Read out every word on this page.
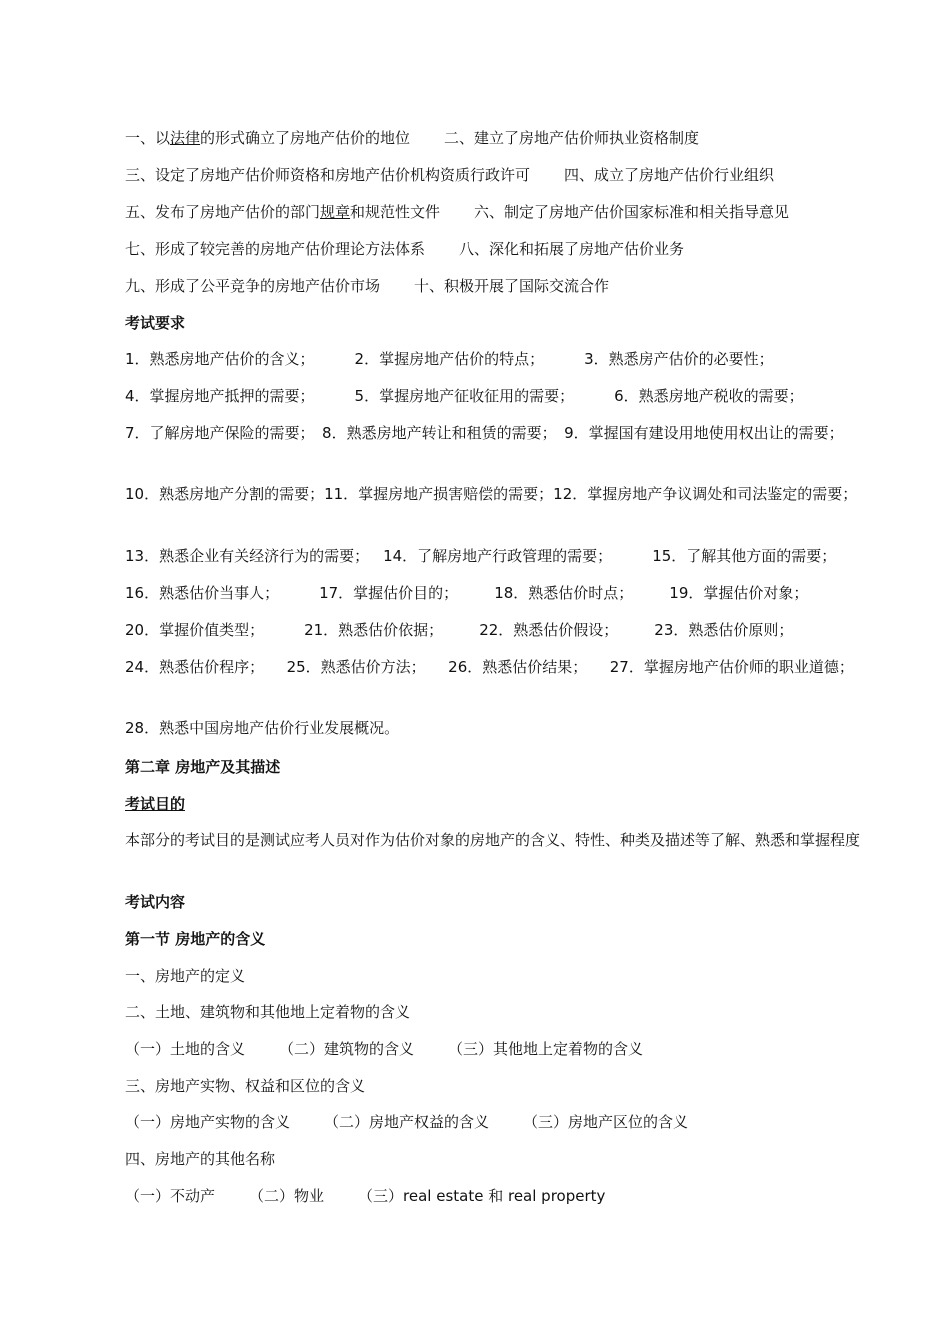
一、以法律的形式确立了房地产估价的地位 二、建立了房地产估价师执业资格制度
三、设定了房地产估价师资格和房地产估价机构资质行政许可 四、成立了房地产估价行业组织
五、发布了房地产估价的部门规章和规范性文件 六、制定了房地产估价国家标准和相关指导意见
七、形成了较完善的房地产估价理论方法体系 八、深化和拓展了房地产估价业务
九、形成了公平竞争的房地产估价市场 十、积极开展了国际交流合作
考试要求
1．熟悉房地产估价的含义；	2．掌握房地产估价的特点；	3．熟悉房产估价的必要性；
4．掌握房地产抵押的需要；	5．掌握房地产征收征用的需要；	6．熟悉房地产税收的需要；
7．了解房地产保险的需要；　8．熟悉房地产转让和租赁的需要；　9．掌握国有建设用地使用权出让的需要；
10．熟悉房地产分割的需要；11．掌握房地产损害赔偿的需要；12．掌握房地产争议调处和司法鉴定的需要；
13．熟悉企业有关经济行为的需要； 14．了解房地产行政管理的需要；	15．了解其他方面的需要；
16．熟悉估价当事人；	17．掌握估价目的； 18．熟悉估价时点； 19．掌握估价对象；
20．掌握价值类型；	21．熟悉估价依据； 22．熟悉估价假设； 23．熟悉估价原则；
24．熟悉估价程序；　　25．熟悉估价方法；　　26．熟悉估价结果；　　27．掌握房地产估价师的职业道德；
28．熟悉中国房地产估价行业发展概况。
第二章 房地产及其描述
考试目的
本部分的考试目的是测试应考人员对作为估价对象的房地产的含义、特性、种类及描述等了解、熟悉和掌握程度
考试内容
第一节 房地产的含义
一、房地产的定义
二、土地、建筑物和其他地上定着物的含义
（一）土地的含义 （二）建筑物的含义 （三）其他地上定着物的含义
三、房地产实物、权益和区位的含义
（一）房地产实物的含义 （二）房地产权益的含义 （三）房地产区位的含义
四、房地产的其他名称
（一）不动产 （二）物业 （三）real estate 和 real property
